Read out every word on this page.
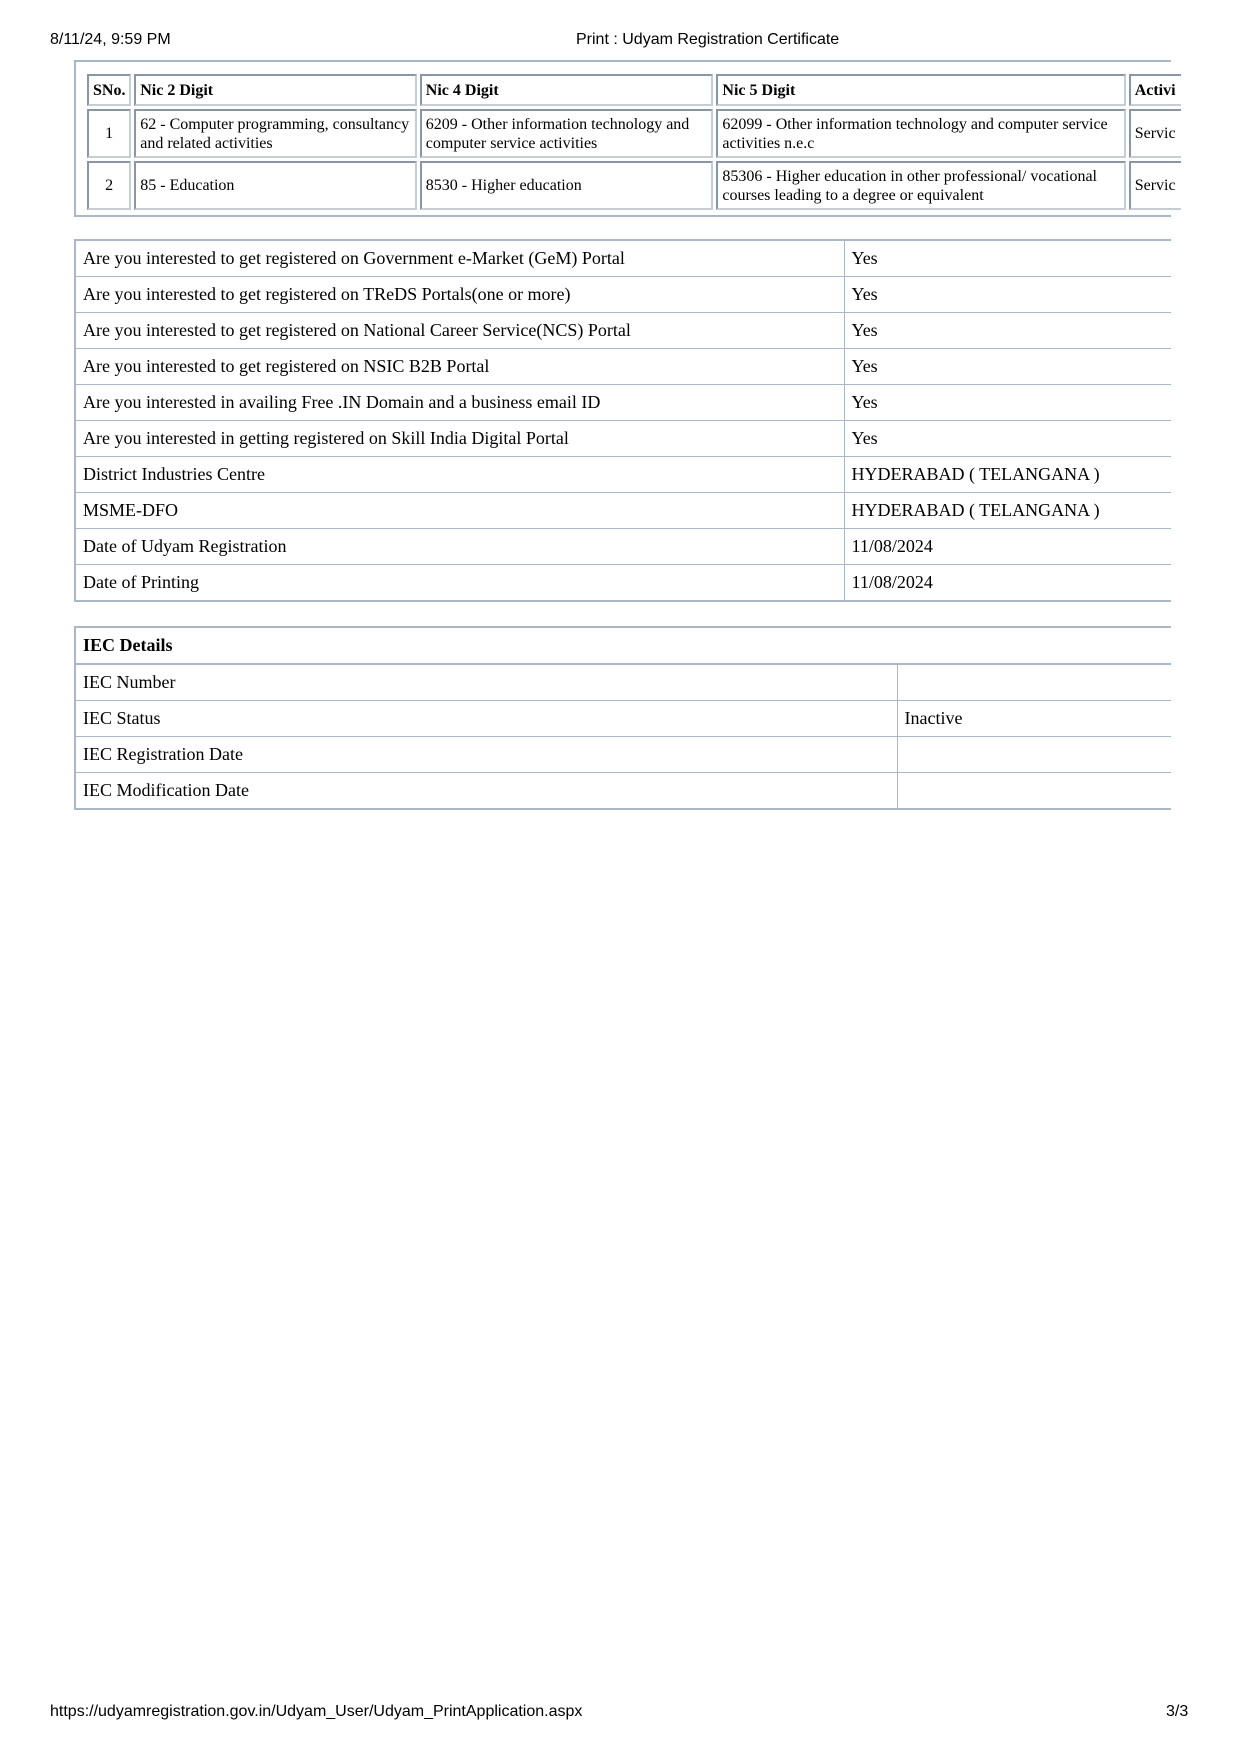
8/11/24, 9:59 PM	Print : Udyam Registration Certificate
SNo.	Nic 2 Digit	Nic 4 Digit	Nic 5 Digit	Activi
1	62 - Computer programming, consultancy and related activities	6209 - Other information technology and computer service activities	62099 - Other information technology and computer service activities n.e.c	Servic
2	85 - Education	8530 - Higher education	85306 - Higher education in other professional/ vocational courses leading to a degree or equivalent	Servic
Are you interested to get registered on Government e-Market (GeM) Portal	Yes
Are you interested to get registered on TReDS Portals(one or more)	Yes
Are you interested to get registered on National Career Service(NCS) Portal	Yes
Are you interested to get registered on NSIC B2B Portal	Yes
Are you interested in availing Free .IN Domain and a business email ID	Yes
Are you interested in getting registered on Skill India Digital Portal	Yes
District Industries Centre	HYDERABAD ( TELANGANA )
MSME-DFO	HYDERABAD ( TELANGANA )
Date of Udyam Registration	11/08/2024
Date of Printing	11/08/2024
IEC Details	
IEC Number	
IEC Status	Inactive
IEC Registration Date	
IEC Modification Date	
https://udyamregistration.gov.in/Udyam_User/Udyam_PrintApplication.aspx	3/3
